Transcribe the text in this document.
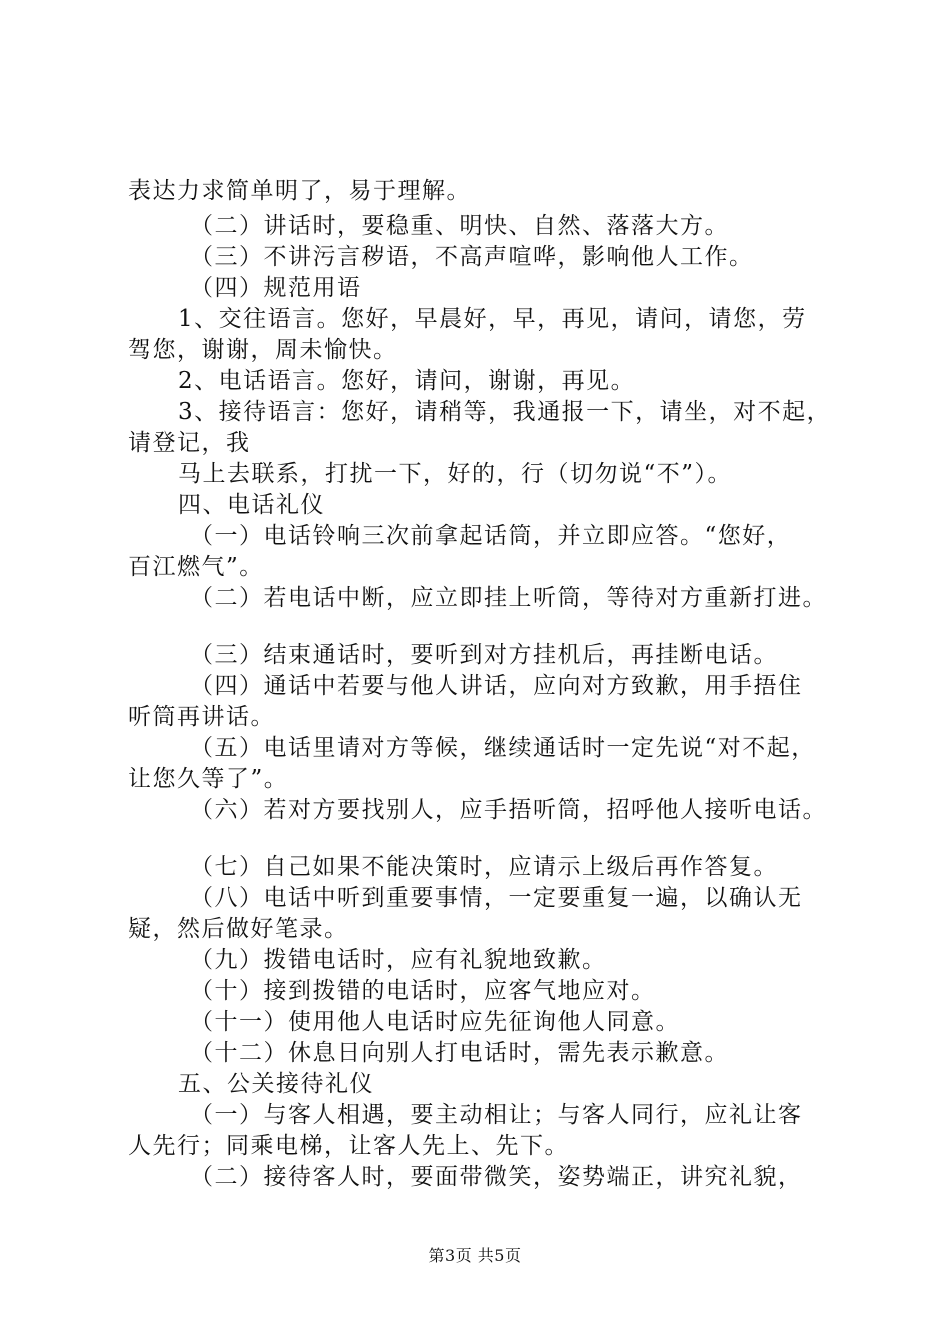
表达力求简单明了，易于理解。
（二）讲话时，要稳重、明快、自然、落落大方。
（三）不讲污言秽语，不高声喧哗，影响他人工作。
（四）规范用语
1、交往语言。您好，早晨好，早，再见，请问，请您，劳
驾您，谢谢，周未愉快。
2、电话语言。您好，请问，谢谢，再见。
3、接待语言：您好，请稍等，我通报一下，请坐，对不起，
请登记，我
马上去联系，打扰一下，好的，行（切勿说“不”）。
四、电话礼仪
（一）电话铃响三次前拿起话筒，并立即应答。“您好，
百江燃气”。
（二）若电话中断，应立即挂上听筒，等待对方重新打进。
（三）结束通话时，要听到对方挂机后，再挂断电话。
（四）通话中若要与他人讲话，应向对方致歉，用手捂住
听筒再讲话。
（五）电话里请对方等候，继续通话时一定先说“对不起，
让您久等了”。
（六）若对方要找别人，应手捂听筒，招呼他人接听电话。
（七）自己如果不能决策时，应请示上级后再作答复。
（八）电话中听到重要事情，一定要重复一遍，以确认无
疑，然后做好笔录。
（九）拨错电话时，应有礼貌地致歉。
（十）接到拨错的电话时，应客气地应对。
（十一）使用他人电话时应先征询他人同意。
（十二）休息日向别人打电话时，需先表示歉意。
五、公关接待礼仪
（一）与客人相遇，要主动相让；与客人同行，应礼让客
人先行；同乘电梯，让客人先上、先下。
（二）接待客人时，要面带微笑，姿势端正，讲究礼貌，
第3页 共5页
